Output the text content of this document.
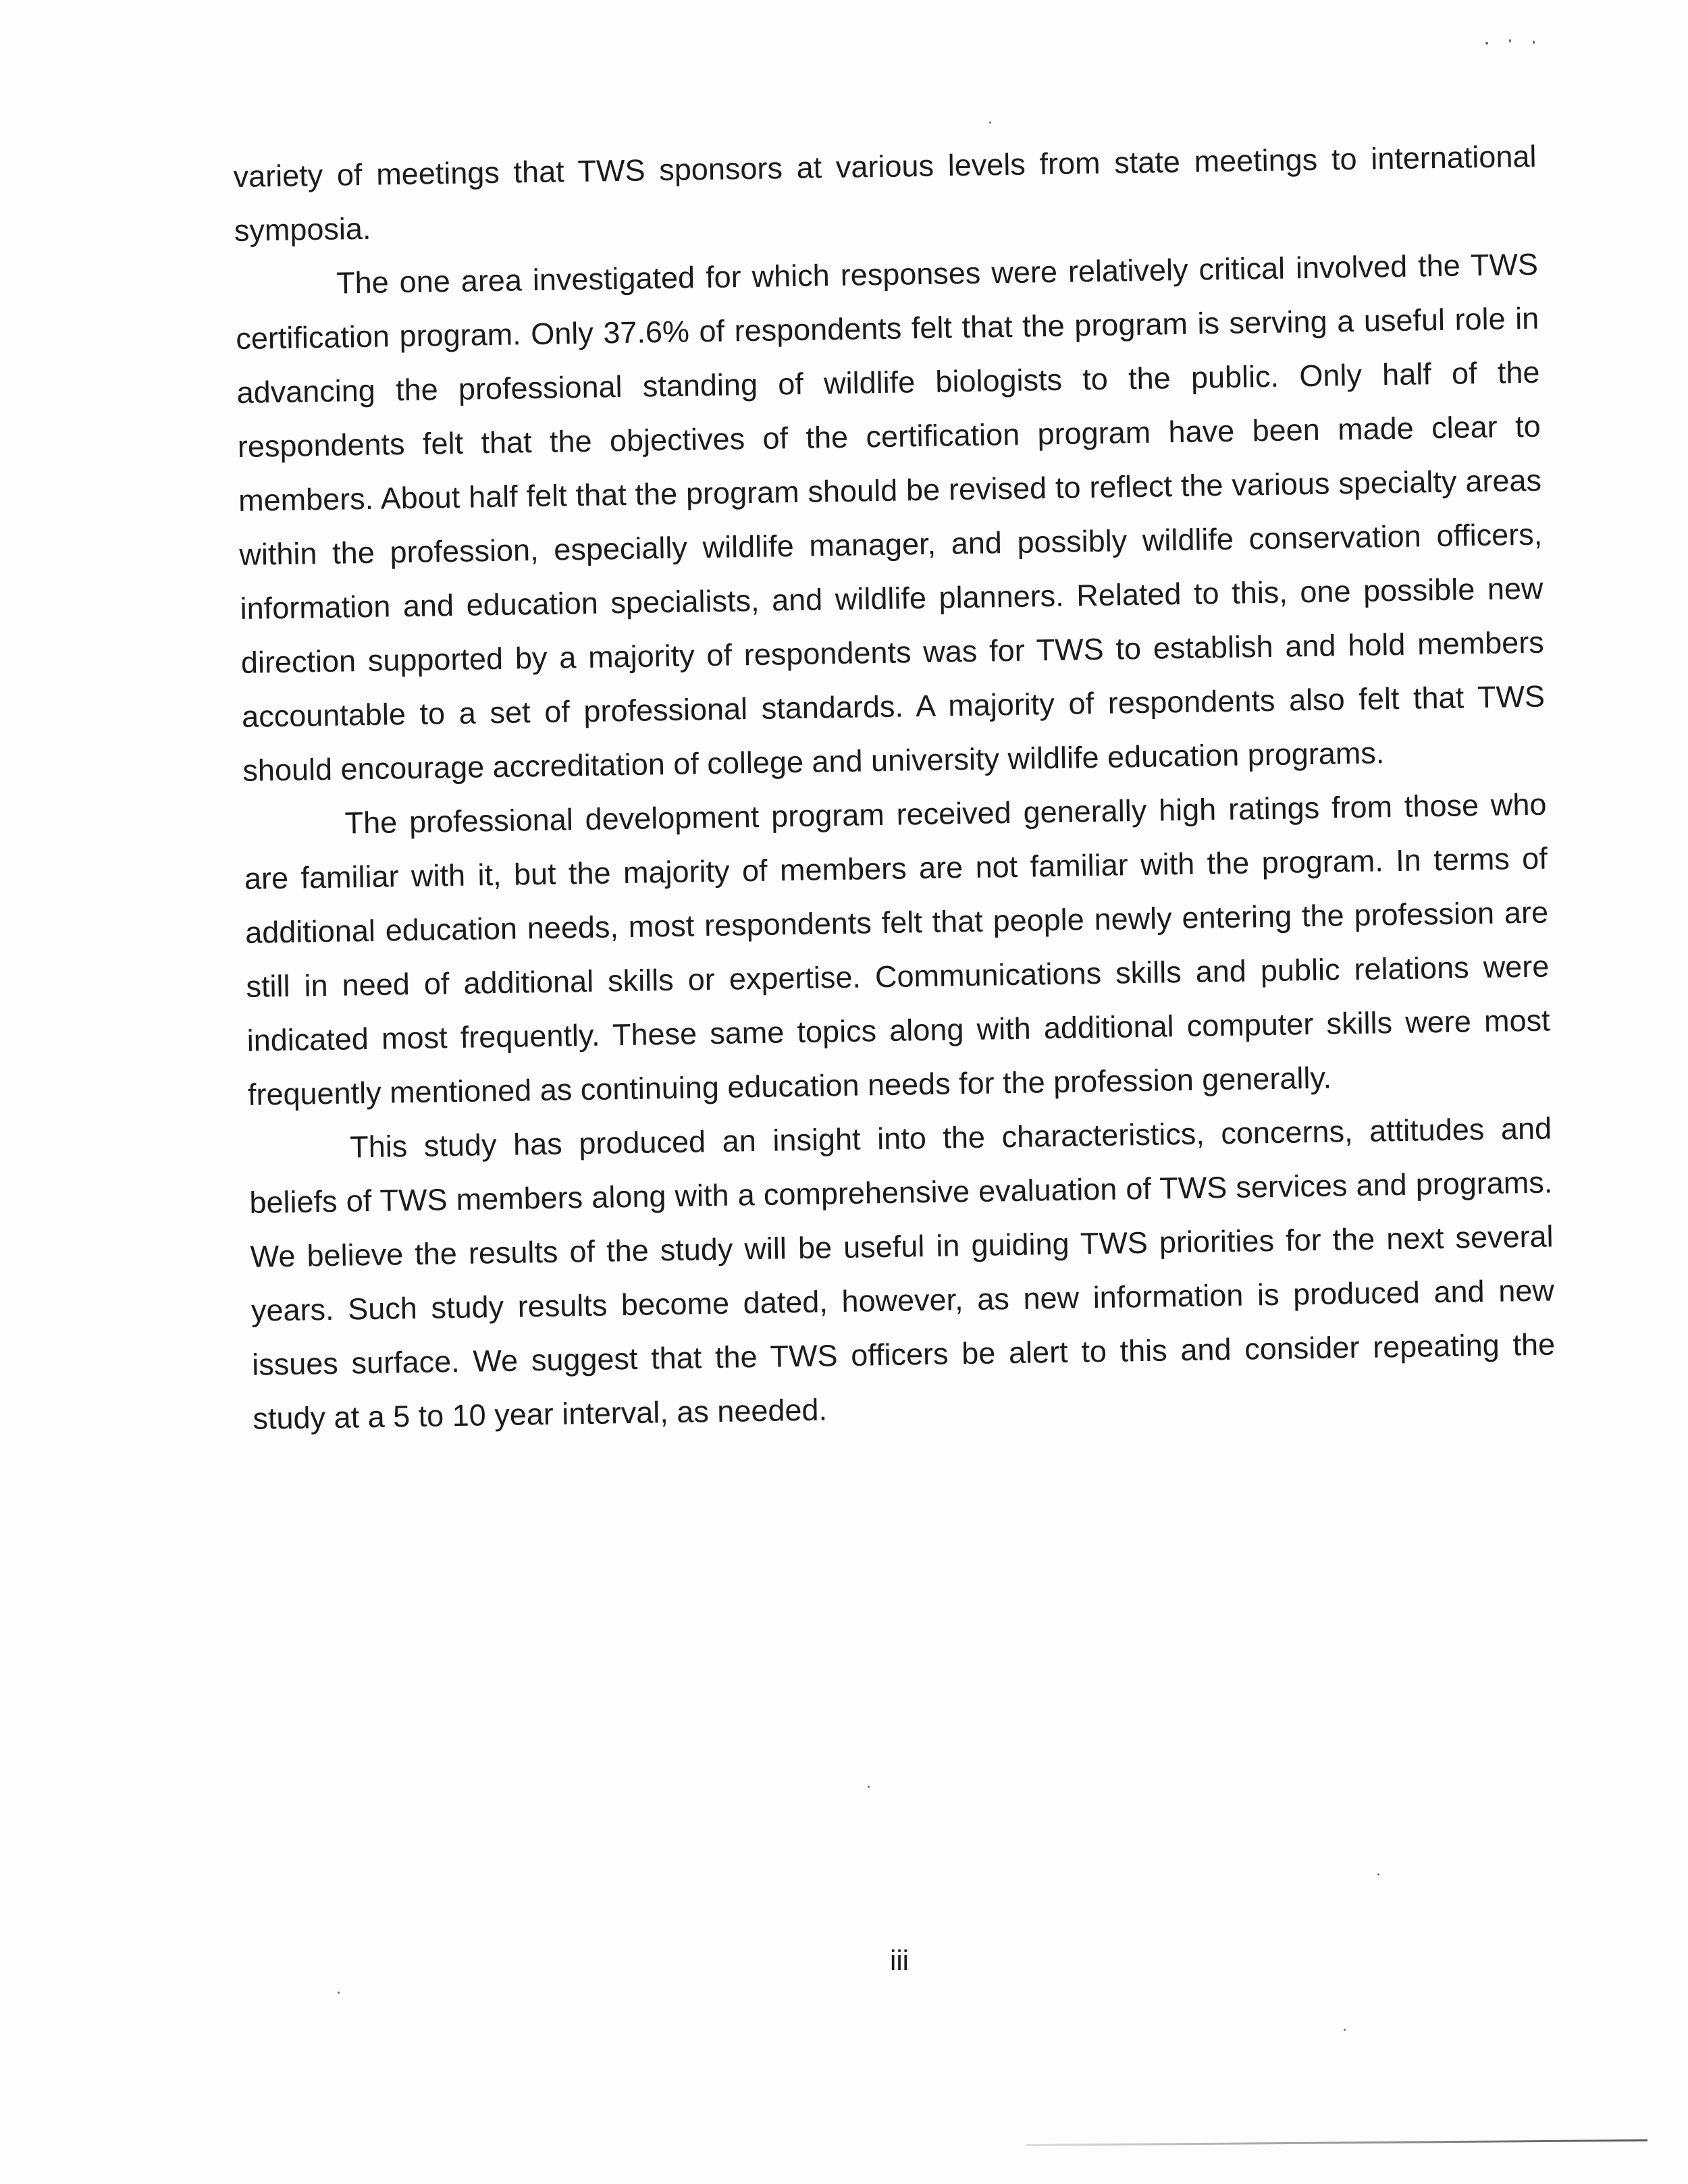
variety of meetings that TWS sponsors at various levels from state meetings to international symposia.

The one area investigated for which responses were relatively critical involved the TWS certification program. Only 37.6% of respondents felt that the program is serving a useful role in advancing the professional standing of wildlife biologists to the public. Only half of the respondents felt that the objectives of the certification program have been made clear to members. About half felt that the program should be revised to reflect the various specialty areas within the profession, especially wildlife manager, and possibly wildlife conservation officers, information and education specialists, and wildlife planners. Related to this, one possible new direction supported by a majority of respondents was for TWS to establish and hold members accountable to a set of professional standards. A majority of respondents also felt that TWS should encourage accreditation of college and university wildlife education programs.

The professional development program received generally high ratings from those who are familiar with it, but the majority of members are not familiar with the program. In terms of additional education needs, most respondents felt that people newly entering the profession are still in need of additional skills or expertise. Communications skills and public relations were indicated most frequently. These same topics along with additional computer skills were most frequently mentioned as continuing education needs for the profession generally.

This study has produced an insight into the characteristics, concerns, attitudes and beliefs of TWS members along with a comprehensive evaluation of TWS services and programs. We believe the results of the study will be useful in guiding TWS priorities for the next several years. Such study results become dated, however, as new information is produced and new issues surface. We suggest that the TWS officers be alert to this and consider repeating the study at a 5 to 10 year interval, as needed.

iii
